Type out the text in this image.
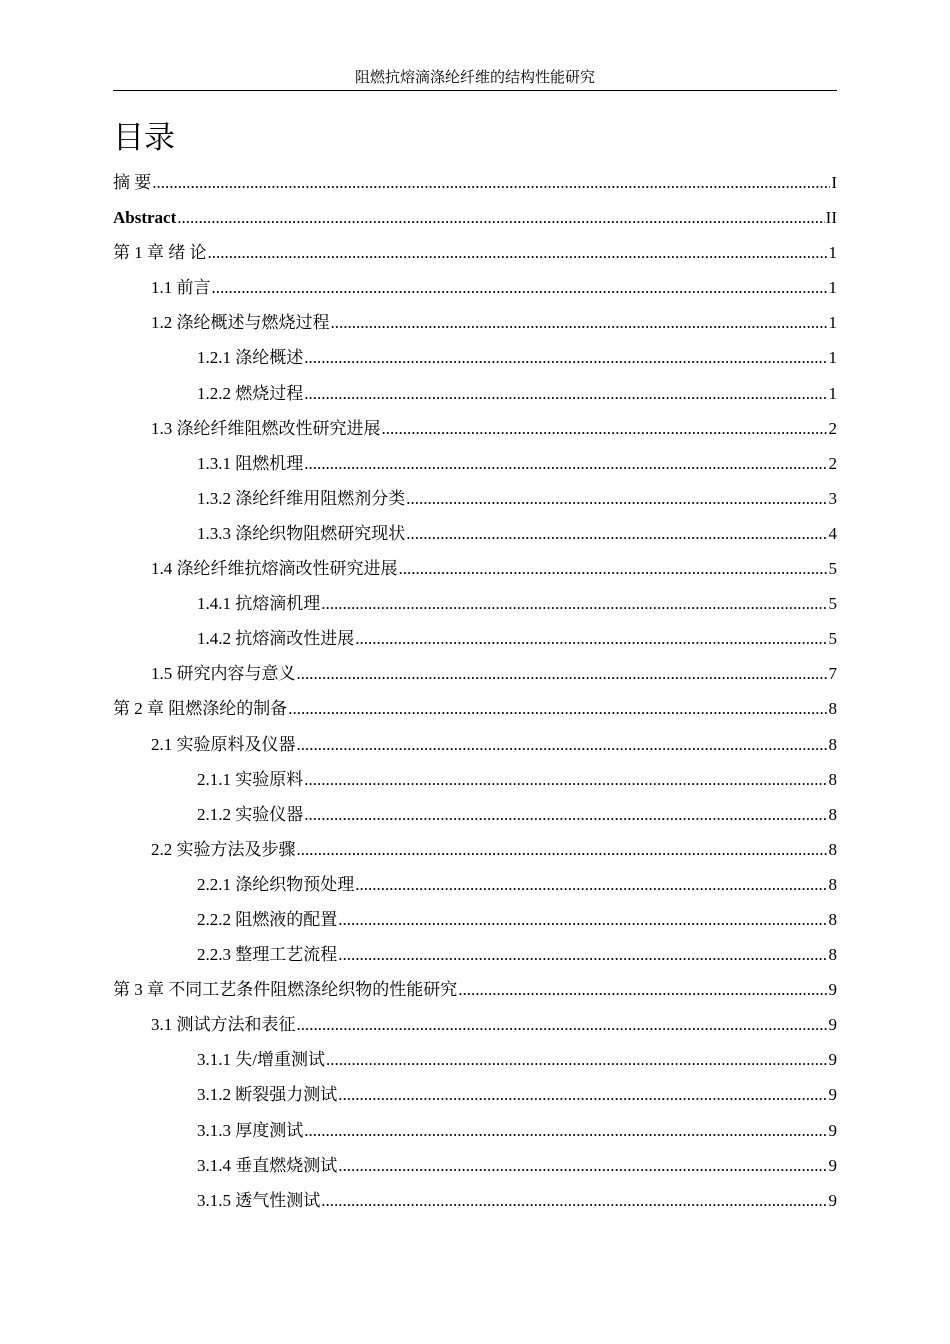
阻燃抗熔滴涤纶纤维的结构性能研究
目录
摘 要 .....	I
Abstract .....	II
第 1 章 绪 论 .....	1
1.1 前言 .....	1
1.2 涤纶概述与燃烧过程 .....	1
1.2.1 涤纶概述 .....	1
1.2.2 燃烧过程 .....	1
1.3 涤纶纤维阻燃改性研究进展 .....	2
1.3.1 阻燃机理 .....	2
1.3.2 涤纶纤维用阻燃剂分类 .....	3
1.3.3 涤纶织物阻燃研究现状 .....	4
1.4 涤纶纤维抗熔滴改性研究进展 .....	5
1.4.1 抗熔滴机理 .....	5
1.4.2 抗熔滴改性进展 .....	5
1.5 研究内容与意义 .....	7
第 2 章 阻燃涤纶的制备 .....	8
2.1 实验原料及仪器 .....	8
2.1.1 实验原料 .....	8
2.1.2 实验仪器 .....	8
2.2 实验方法及步骤 .....	8
2.2.1 涤纶织物预处理 .....	8
2.2.2 阻燃液的配置 .....	8
2.2.3 整理工艺流程 .....	8
第 3 章 不同工艺条件阻燃涤纶织物的性能研究 .....	9
3.1 测试方法和表征 .....	9
3.1.1 失/增重测试 .....	9
3.1.2 断裂强力测试 .....	9
3.1.3 厚度测试 .....	9
3.1.4 垂直燃烧测试 .....	9
3.1.5 透气性测试 .....	9
